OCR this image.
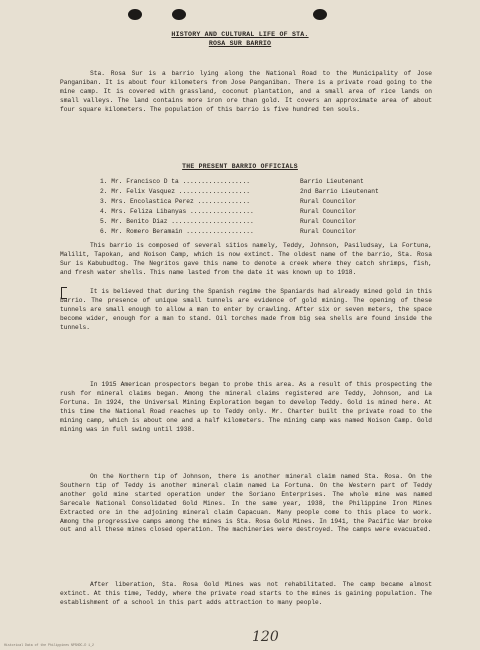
HISTORY AND CULTURAL LIFE OF STA.
ROSA SUR BARRIO
Sta. Rosa Sur is a barrio lying along the National Road to the Municipality of Jose Panganiban. It is about four kilometers from Jose Panganiban. There is a private road going to the mine camp. It is covered with grassland, coconut plantation, and a small area of rice lands on small valleys. The land contains more iron ore than gold. It covers an approximate area of about four square kilometers. The population of this barrio is five hundred ten souls.
THE PRESENT BARRIO OFFICIALS
1. Mr. Francisco D ta ..................	Barrio Lieutenant
2. Mr. Felix Vasquez ...................	2nd Barrio Lieutenant
3. Mrs. Encolastica Perez ..............	Rural Councilor
4. Mrs. Feliza Libanyas .................	Rural Councilor
5. Mr. Benito Diaz ......................	Rural Councilor
6. Mr. Romero Beramain ..................	Rural Councilor
This barrio is composed of several sitios namely, Teddy, Johnson, Pasiludsay, La Fortuna, Malilit, Tapokan, and Noison Camp, which is now extinct. The oldest name of the barrio, Sta. Rosa Sur is Kabubudtog. The Negritos gave this name to denote a creek where they catch shrimps, fish, and fresh water shells. This name lasted from the date it was known up to 1918.
It is believed that during the Spanish regime the Spaniards had already mined gold in this barrio. The presence of unique small tunnels are evidence of gold mining. The opening of these tunnels are small enough to allow a man to enter by crawling. After six or seven meters, the space become wider, enough for a man to stand. Oil torches made from big sea shells are found inside the tunnels.
In 1915 American prospectors began to probe this area. As a result of this prospecting the rush for mineral claims began. Among the mineral claims registered are Teddy, Johnson, and La Fortuna. In 1924, the Universal Mining Exploration began to develop Teddy. Gold is mined here. At this time the National Road reaches up to Teddy only. Mr. Charter built the private road to the mining camp, which is about one and a half kilometers. The mining camp was named Noison Camp. Gold mining was in full swing until 1938.
On the Northern tip of Johnson, there is another mineral claim named Sta. Rosa. On the Southern tip of Teddy is another mineral claim named La Fortuna. On the Western part of Teddy another gold mine started operation under the Soriano Enterprises. The whole mine was named Sarecale National Consolidated Gold Mines. In the same year, 1938, the Philippine Iron Mines Extracted ore in the adjoining mineral claim Capacuan. Many people come to this place to work. Among the progressive camps among the mines is Sta. Rosa Gold Mines. In 1941, the Pacific War broke out and all these mines closed operation. The machineries were destroyed. The camps were evacuated.
After liberation, Sta. Rosa Gold Mines was not rehabilitated. The camp became almost extinct. At this time, Teddy, where the private road starts to the mines is gaining population. The establishment of a school in this part adds attraction to many people.
120
Historical Data of the Philippines NPSHDC-D 1_2
